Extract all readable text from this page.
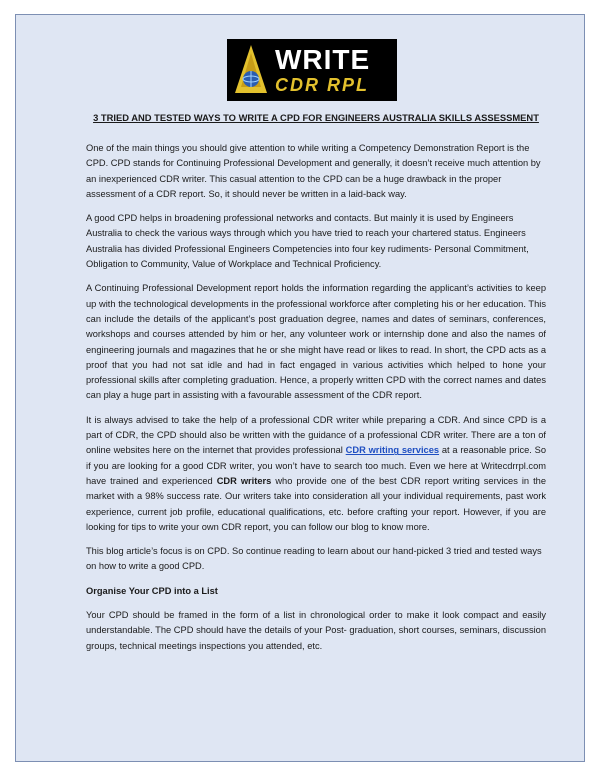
WRITE
CDR RPL
3 TRIED AND TESTED WAYS TO WRITE A CPD FOR ENGINEERS AUSTRALIA SKILLS ASSESSMENT

One of the main things you should give attention to while writing a Competency Demonstration Report is the CPD. CPD stands for Continuing Professional Development and generally, it doesn’t receive much attention by an inexperienced CDR writer. This casual attention to the CPD can be a huge drawback in the proper assessment of a CDR report. So, it should never be written in a laid-back way.

A good CPD helps in broadening professional networks and contacts. But mainly it is used by Engineers Australia to check the various ways through which you have tried to reach your chartered status. Engineers Australia has divided Professional Engineers Competencies into four key rudiments- Personal Commitment, Obligation to Community, Value of Workplace and Technical Proficiency.

A Continuing Professional Development report holds the information regarding the applicant’s activities to keep up with the technological developments in the professional workforce after completing his or her education. This can include the details of the applicant’s post graduation degree, names and dates of seminars, conferences, workshops and courses attended by him or her, any volunteer work or internship done and also the names of engineering journals and magazines that he or she might have read or likes to read. In short, the CPD acts as a proof that you had not sat idle and had in fact engaged in various activities which helped to hone your professional skills after completing graduation. Hence, a properly written CPD with the correct names and dates can play a huge part in assisting with a favourable assessment of the CDR report.

It is always advised to take the help of a professional CDR writer while preparing a CDR. And since CPD is a part of CDR, the CPD should also be written with the guidance of a professional CDR writer. There are a ton of online websites here on the internet that provides professional CDR writing services at a reasonable price. So if you are looking for a good CDR writer, you won’t have to search too much. Even we here at Writecdrrpl.com have trained and experienced CDR writers who provide one of the best CDR report writing services in the market with a 98% success rate. Our writers take into consideration all your individual requirements, past work experience, current job profile, educational qualifications, etc. before crafting your report. However, if you are looking for tips to write your own CDR report, you can follow our blog to know more.

This blog article’s focus is on CPD. So continue reading to learn about our hand-picked 3 tried and tested ways on how to write a good CPD.

Organise Your CPD into a List

Your CPD should be framed in the form of a list in chronological order to make it look compact and easily understandable. The CPD should have the details of your Post- graduation, short courses, seminars, discussion groups, technical meetings inspections you attended, etc.
